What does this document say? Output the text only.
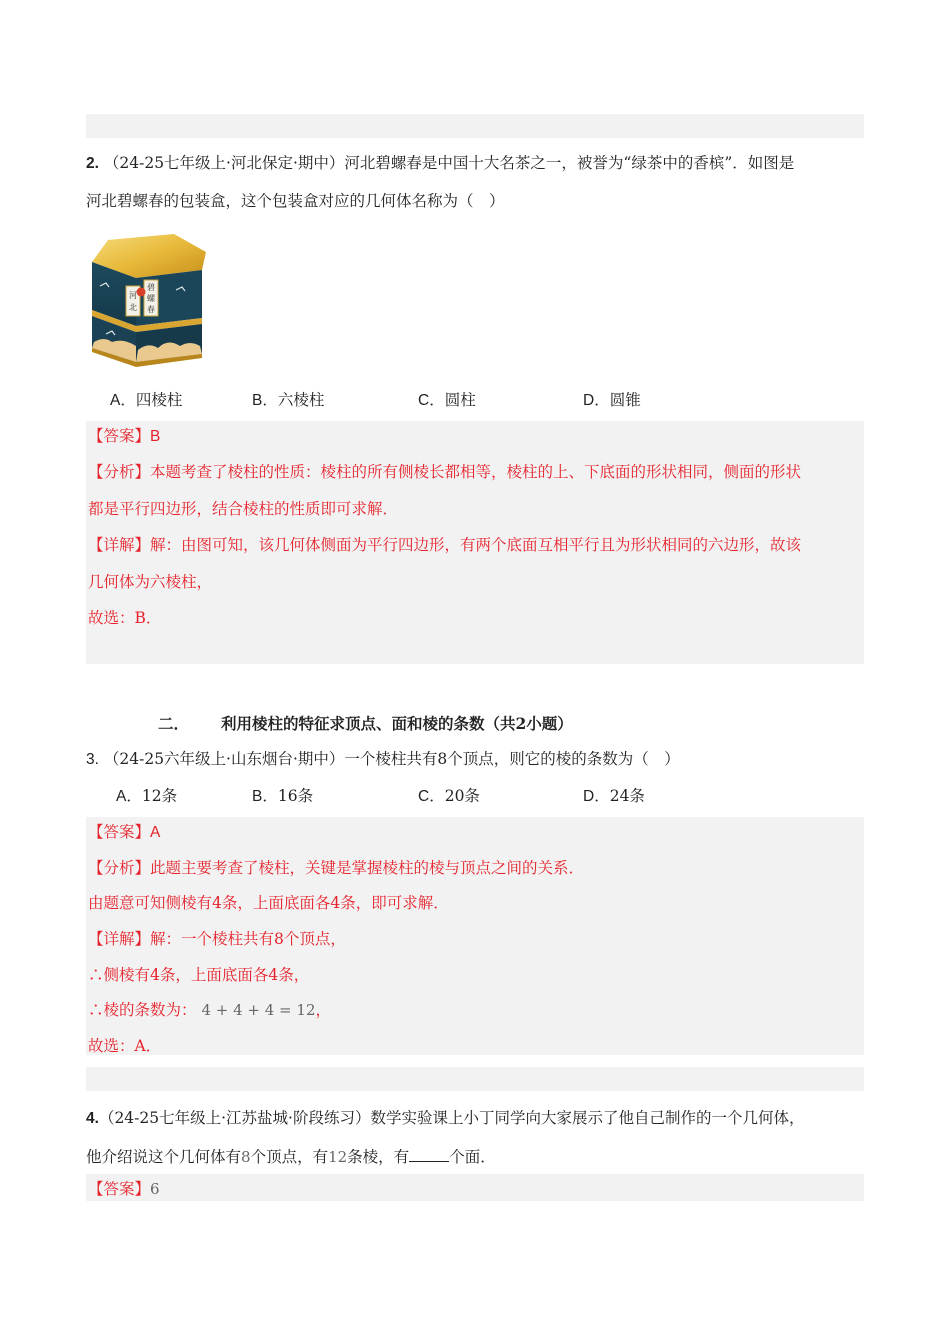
2. （24-25七年级上·河北保定·期中）河北碧螺春是中国十大名茶之一，被誉为“绿茶中的香槟”．如图是
河北碧螺春的包装盒，这个包装盒对应的几何体名称为（　）
河
北
碧
螺
春
A．四棱柱	B．六棱柱	C．圆柱	D．圆锥
【答案】B
【分析】本题考查了棱柱的性质：棱柱的所有侧棱长都相等，棱柱的上、下底面的形状相同，侧面的形状
都是平行四边形，结合棱柱的性质即可求解．
【详解】解：由图可知，该几何体侧面为平行四边形，有两个底面互相平行且为形状相同的六边形，故该
几何体为六棱柱，
故选：B．
二． 利用棱柱的特征求顶点、面和棱的条数（共2小题）
3. （24-25六年级上·山东烟台·期中）一个棱柱共有8个顶点，则它的棱的条数为（　）
A．12条	B．16条	C．20条	D．24条
【答案】A
【分析】此题主要考查了棱柱，关键是掌握棱柱的棱与顶点之间的关系．
由题意可知侧棱有4条，上面底面各4条，即可求解．
【详解】解：一个棱柱共有8个顶点，
∴侧棱有4条，上面底面各4条，
∴棱的条数为： 4 + 4 + 4 = 12，
故选：A．
4.（24-25七年级上·江苏盐城·阶段练习）数学实验课上小丁同学向大家展示了他自己制作的一个几何体，
他介绍说这个几何体有8个顶点，有12条棱，有	个面．
【答案】6
